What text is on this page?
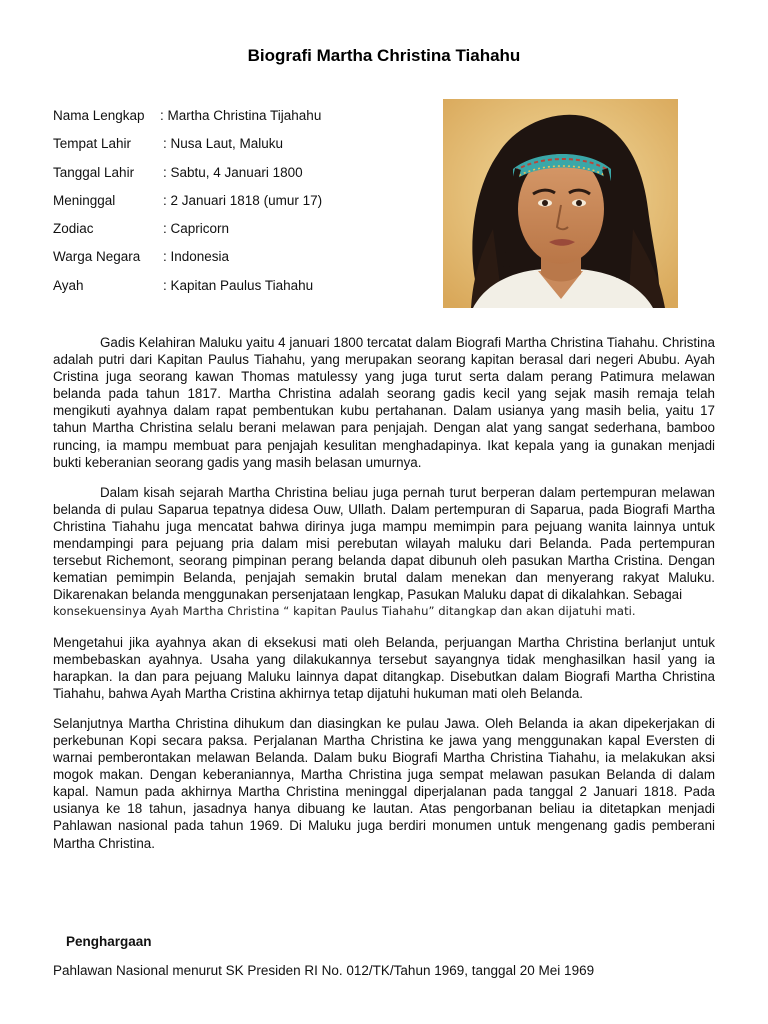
Biografi Martha Christina Tiahahu
Nama Lengkap : Martha Christina Tijahahu
Tempat Lahir : Nusa Laut, Maluku
Tanggal Lahir : Sabtu, 4 Januari 1800
Meninggal	: 2 Januari 1818 (umur 17)
Zodiac	: Capricorn
Warga Negara : Indonesia
Ayah	: Kapitan Paulus Tiahahu

Gadis Kelahiran Maluku yaitu 4 januari 1800 tercatat dalam Biografi Martha Christina Tiahahu. Christina adalah putri dari Kapitan Paulus Tiahahu, yang merupakan seorang kapitan berasal dari negeri Abubu. Ayah Cristina juga seorang kawan Thomas matulessy yang juga turut serta dalam perang Patimura melawan belanda pada tahun 1817. Martha Christina adalah seorang gadis kecil yang sejak masih remaja telah mengikuti ayahnya dalam rapat pembentukan kubu pertahanan. Dalam usianya yang masih belia, yaitu 17 tahun Martha Christina selalu berani melawan para penjajah. Dengan alat yang sangat sederhana, bamboo runcing, ia mampu membuat para penjajah kesulitan menghadapinya. Ikat kepala yang ia gunakan menjadi bukti keberanian seorang gadis yang masih belasan umurnya.

Dalam kisah sejarah Martha Christina beliau juga pernah turut berperan dalam pertempuran melawan belanda di pulau Saparua tepatnya didesa Ouw, Ullath. Dalam pertempuran di Saparua, pada Biografi Martha Christina Tiahahu juga mencatat bahwa dirinya juga mampu memimpin para pejuang wanita lainnya untuk mendampingi para pejuang pria dalam misi perebutan wilayah maluku dari Belanda. Pada pertempuran tersebut Richemont, seorang pimpinan perang belanda dapat dibunuh oleh pasukan Martha Cristina. Dengan kematian pemimpin Belanda, penjajah semakin brutal dalam menekan dan menyerang rakyat Maluku. Dikarenakan belanda menggunakan persenjataan lengkap, Pasukan Maluku dapat di dikalahkan. Sebagai

konsekuensinya Ayah Martha Christina “ kapitan Paulus Tiahahu” ditangkap dan akan dijatuhi mati.

Mengetahui jika ayahnya akan di eksekusi mati oleh Belanda, perjuangan Martha Christina berlanjut untuk membebaskan ayahnya. Usaha yang dilakukannya tersebut sayangnya tidak menghasilkan hasil yang ia harapkan. Ia dan para pejuang Maluku lainnya dapat ditangkap. Disebutkan dalam Biografi Martha Christina Tiahahu, bahwa Ayah Martha Cristina akhirnya tetap dijatuhi hukuman mati oleh Belanda.

Selanjutnya Martha Christina dihukum dan diasingkan ke pulau Jawa. Oleh Belanda ia akan dipekerjakan di perkebunan Kopi secara paksa. Perjalanan Martha Christina ke jawa yang menggunakan kapal Eversten di warnai pemberontakan melawan Belanda. Dalam buku Biografi Martha Christina Tiahahu, ia melakukan aksi mogok makan. Dengan keberaniannya, Martha Christina juga sempat melawan pasukan Belanda di dalam kapal. Namun pada akhirnya Martha Christina meninggal diperjalanan pada tanggal 2 Januari 1818. Pada usianya ke 18 tahun, jasadnya hanya dibuang ke lautan. Atas pengorbanan beliau ia ditetapkan menjadi Pahlawan nasional pada tahun 1969. Di Maluku juga berdiri monumen untuk mengenang gadis pemberani Martha Christina.

Penghargaan
Pahlawan Nasional menurut SK Presiden RI No. 012/TK/Tahun 1969, tanggal 20 Mei 1969
